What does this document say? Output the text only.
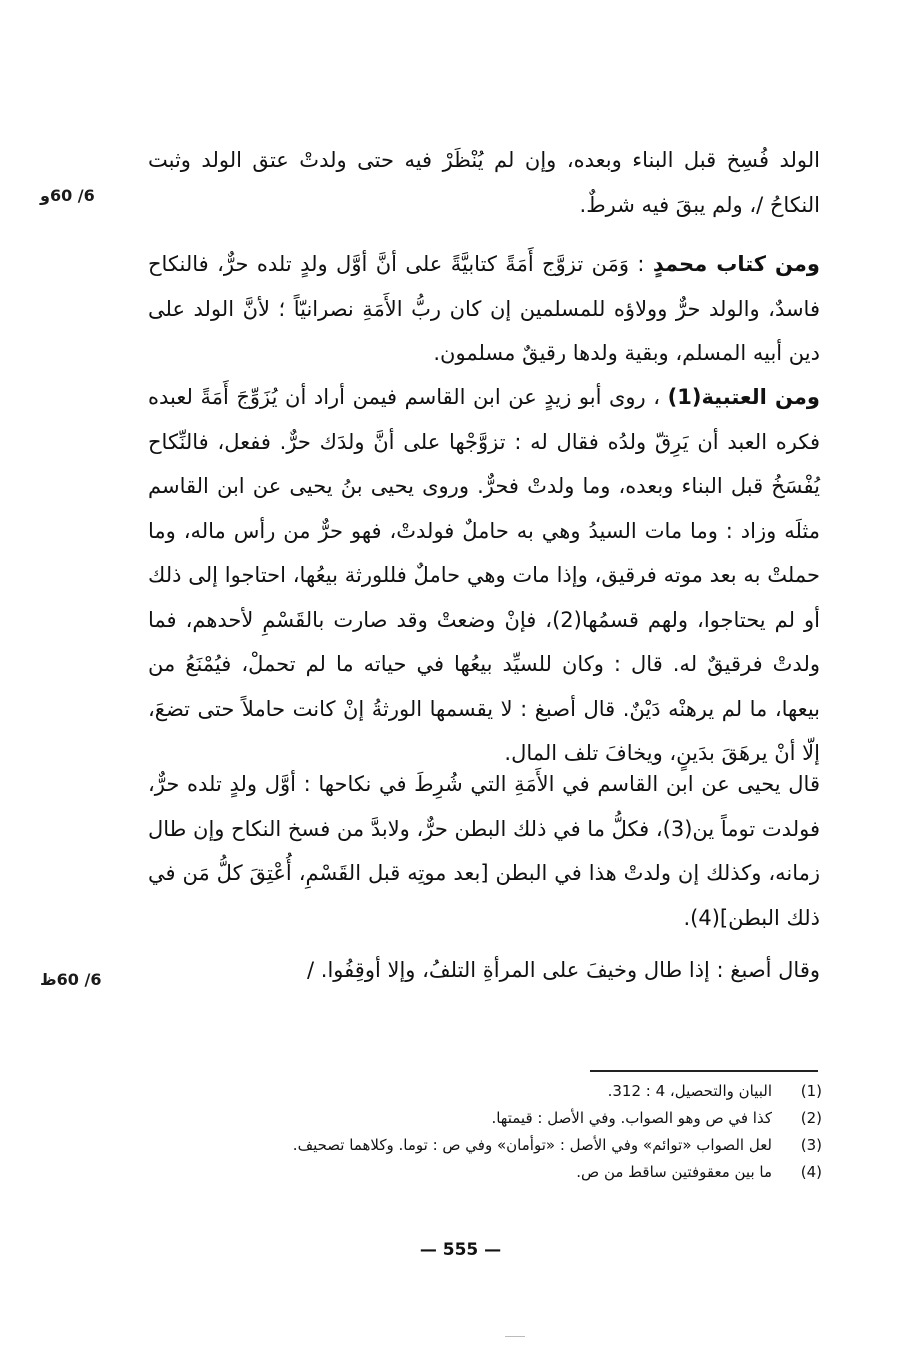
6/ 60و

الولد فُسِخ قبل البناء وبعده، وإن لم يُنْظَرْ فيه حتى ولدتْ عتق الولد وثبت النكاحُ /، ولم يبقَ فيه شرطٌ.

ومن كتاب محمدٍ : وَمَن تزوَّج أَمَةً كتابيَّةً على أنَّ أوَّل ولدٍ تلده حرٌّ، فالنكاح فاسدٌ، والولد حرٌّ وولاؤه للمسلمين إن كان ربُّ الأَمَةِ نصرانيّاً ؛ لأنَّ الولد على دين أبيه المسلم، وبقية ولدها رقيقٌ مسلمون.

ومن العتبية(1) ، روى أبو زيدٍ عن ابن القاسم فيمن أراد أن يُزَوِّجَ أَمَةً لعبده فكره العبد أن يَرِقّ ولدُه فقال له : تزوَّجْها على أنَّ ولدَك حرٌّ. ففعل، فالنِّكاح يُفْسَخُ قبل البناء وبعده، وما ولدتْ فحرٌّ. وروى يحيى بنُ يحيى عن ابن القاسم مثلَه وزاد : وما مات السيدُ وهي به حاملٌ فولدتْ، فهو حرٌّ من رأس ماله، وما حملتْ به بعد موته فرقيق، وإذا مات وهي حاملٌ فللورثة بيعُها، احتاجوا إلى ذلك أو لم يحتاجوا، ولهم قسمُها(2)، فإنْ وضعتْ وقد صارت بالقَسْمِ لأحدهم، فما ولدتْ فرقيقٌ له. قال : وكان للسيِّد بيعُها في حياته ما لم تحملْ، فيُمْنَعُ من بيعها، ما لم يرهنْه دَيْنٌ. قال أصبغ : لا يقسمها الورثةُ إنْ كانت حاملاً حتى تضعَ، إلّا أنْ يرهَقَ بدَينٍ، ويخافَ تلف المال.

قال يحيى عن ابن القاسم في الأَمَةِ التي شُرِطَ في نكاحها : أوَّل ولدٍ تلده حرٌّ، فولدت توماً ين(3)، فكلُّ ما في ذلك البطن حرٌّ، ولابدَّ من فسخ النكاح وإن طال زمانه، وكذلك إن ولدتْ هذا في البطن [بعد موتِه قبل القَسْمِ، أُعْتِقَ كلُّ مَن في ذلك البطن](4).

وقال أصبغ : إذا طال وخيفَ على المرأةِ التلفُ، وإلا أوقِفُوا. /

6/ 60ظ
(1)
البيان والتحصيل، 4 : 312.
(2)
كذا في ص وهو الصواب. وفي الأصل : قيمتها.
(3)
لعل الصواب «توائم» وفي الأصل : «توأمان» وفي ص : توما. وكلاهما تصحيف.
(4)
ما بين معقوفتين ساقط من ص.
— 555 —
